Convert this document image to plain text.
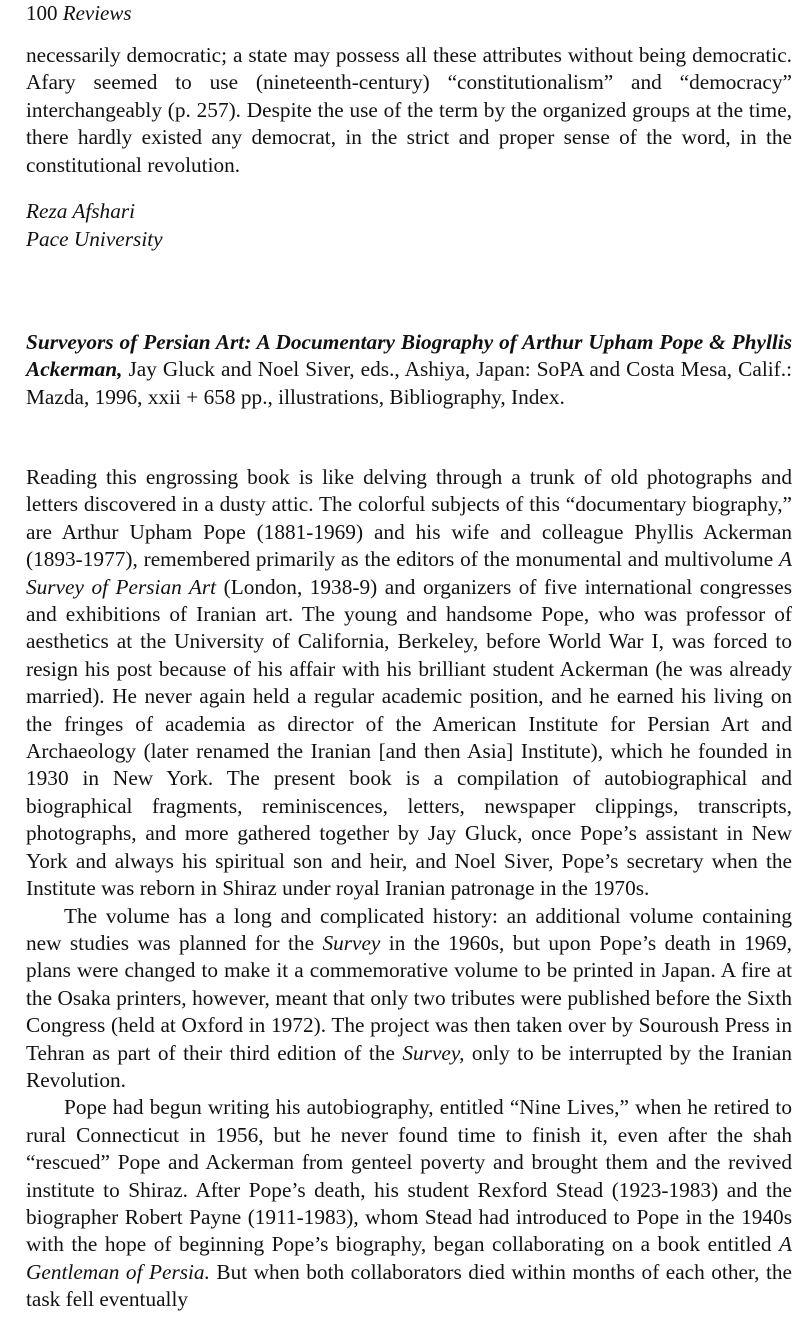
100 Reviews

necessarily democratic; a state may possess all these attributes without being democratic. Afary seemed to use (nineteenth-century) “constitutionalism” and “democracy” interchangeably (p. 257). Despite the use of the term by the organized groups at the time, there hardly existed any democrat, in the strict and proper sense of the word, in the constitutional revolution.

Reza Afshari
Pace University

Surveyors of Persian Art: A Documentary Biography of Arthur Upham Pope & Phyllis Ackerman, Jay Gluck and Noel Siver, eds., Ashiya, Japan: SoPA and Costa Mesa, Calif.: Mazda, 1996, xxii + 658 pp., illustrations, Bibliography, Index.

Reading this engrossing book is like delving through a trunk of old photographs and letters discovered in a dusty attic. The colorful subjects of this “documentary biography,” are Arthur Upham Pope (1881-1969) and his wife and colleague Phyllis Ackerman (1893-1977), remembered primarily as the editors of the monumental and multivolume A Survey of Persian Art (London, 1938-9) and organizers of five international congresses and exhibitions of Iranian art. The young and handsome Pope, who was professor of aesthetics at the University of California, Berkeley, before World War I, was forced to resign his post because of his affair with his brilliant student Ackerman (he was already married). He never again held a regular academic position, and he earned his living on the fringes of academia as director of the American Institute for Persian Art and Archaeology (later renamed the Iranian [and then Asia] Institute), which he founded in 1930 in New York. The present book is a compilation of autobiographical and biographical fragments, reminiscences, letters, newspaper clippings, transcripts, photographs, and more gathered together by Jay Gluck, once Pope’s assistant in New York and always his spiritual son and heir, and Noel Siver, Pope’s secretary when the Institute was reborn in Shiraz under royal Iranian patronage in the 1970s.

The volume has a long and complicated history: an additional volume containing new studies was planned for the Survey in the 1960s, but upon Pope’s death in 1969, plans were changed to make it a commemorative volume to be printed in Japan. A fire at the Osaka printers, however, meant that only two tributes were published before the Sixth Congress (held at Oxford in 1972). The project was then taken over by Souroush Press in Tehran as part of their third edition of the Survey, only to be interrupted by the Iranian Revolution.

Pope had begun writing his autobiography, entitled “Nine Lives,” when he retired to rural Connecticut in 1956, but he never found time to finish it, even after the shah “rescued” Pope and Ackerman from genteel poverty and brought them and the revived institute to Shiraz. After Pope’s death, his student Rexford Stead (1923-1983) and the biographer Robert Payne (1911-1983), whom Stead had introduced to Pope in the 1940s with the hope of beginning Pope’s biography, began collaborating on a book entitled A Gentleman of Persia. But when both collaborators died within months of each other, the task fell eventually
